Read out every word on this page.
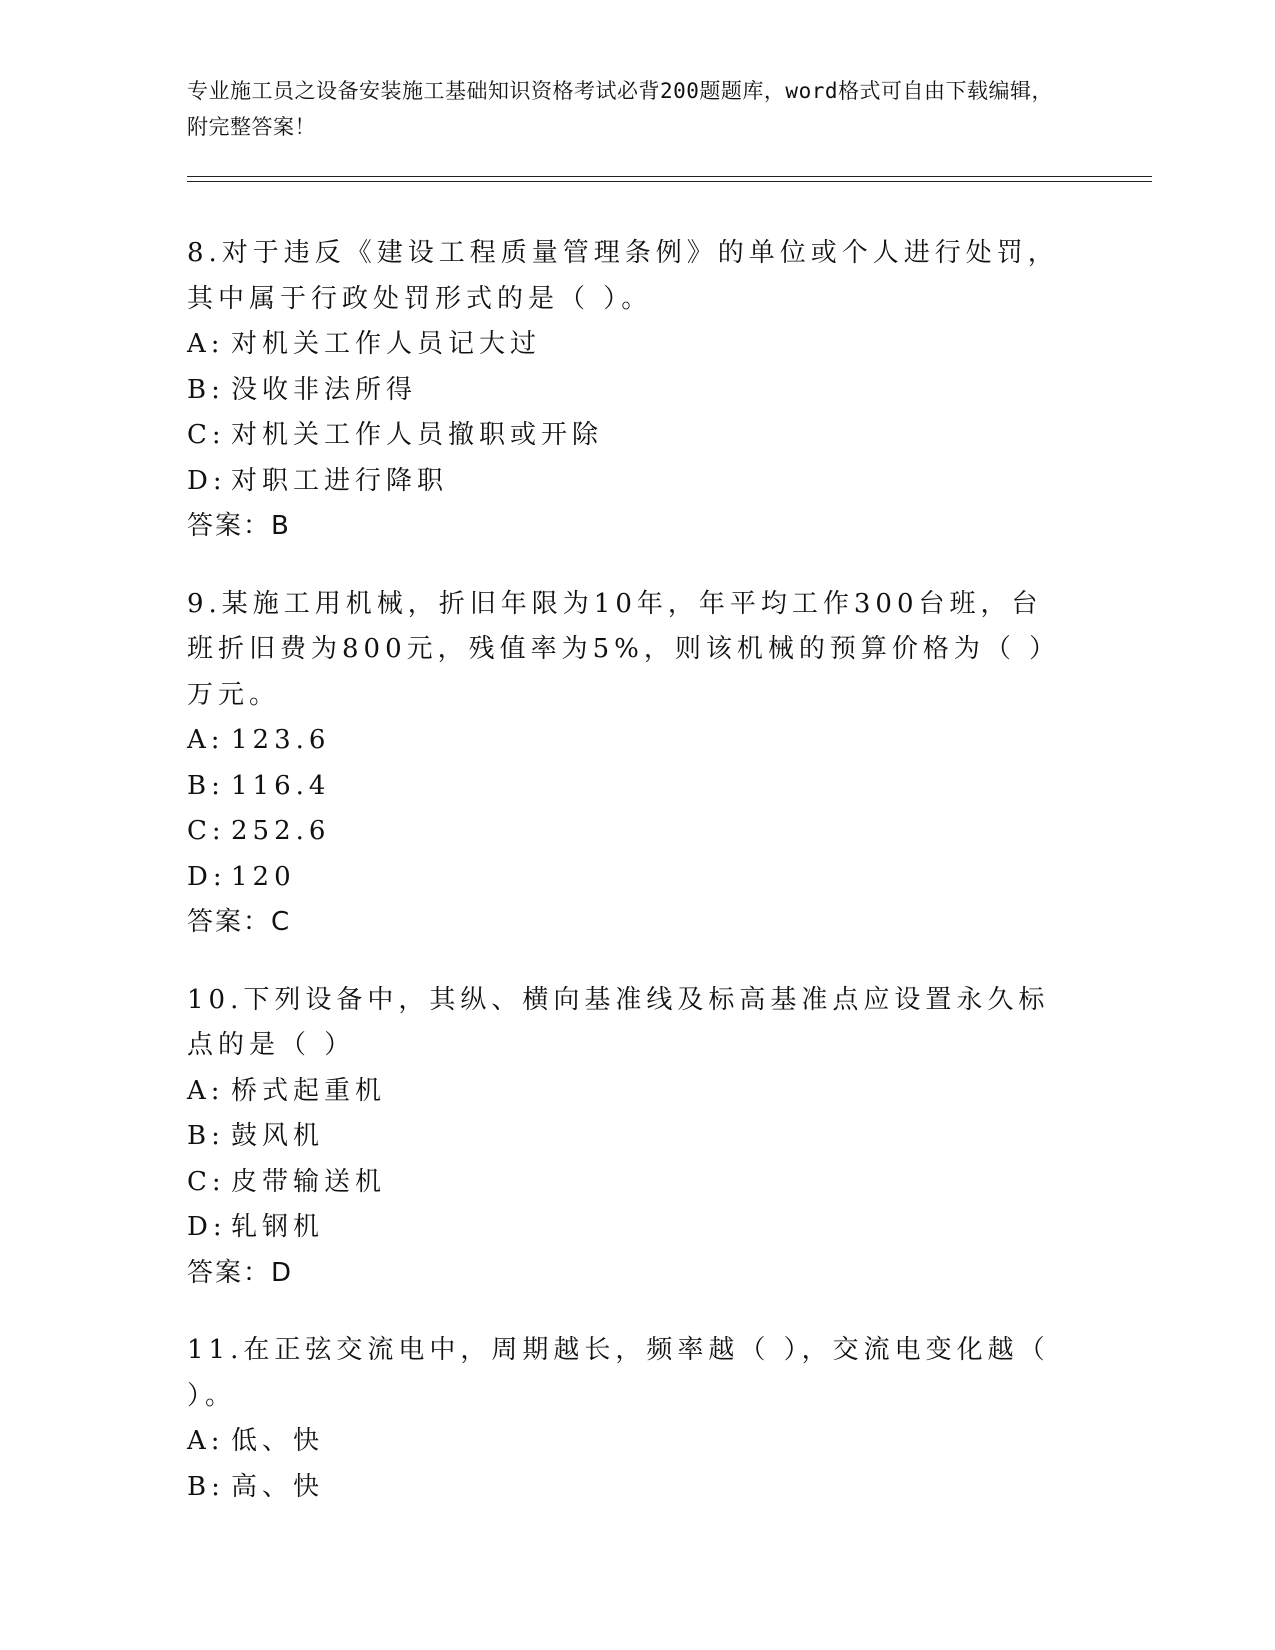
专业施工员之设备安装施工基础知识资格考试必背200题题库，word格式可自由下载编辑，附完整答案！

8.对于违反《建设工程质量管理条例》的单位或个人进行处罚，其中属于行政处罚形式的是（ ）。

A: 对机关工作人员记大过
B: 没收非法所得
C: 对机关工作人员撤职或开除
D: 对职工进行降职
答案：B

9.某施工用机械，折旧年限为10年，年平均工作300台班，台班折旧费为800元，残值率为5%，则该机械的预算价格为（ ）万元。

A: 123.6
B: 116.4
C: 252.6
D: 120
答案：C

10.下列设备中，其纵、横向基准线及标高基准点应设置永久标点的是（ ）

A: 桥式起重机
B: 鼓风机
C: 皮带输送机
D: 轧钢机
答案：D

11.在正弦交流电中，周期越长，频率越（ ），交流电变化越（ ）。

A: 低、快
B: 高、快
